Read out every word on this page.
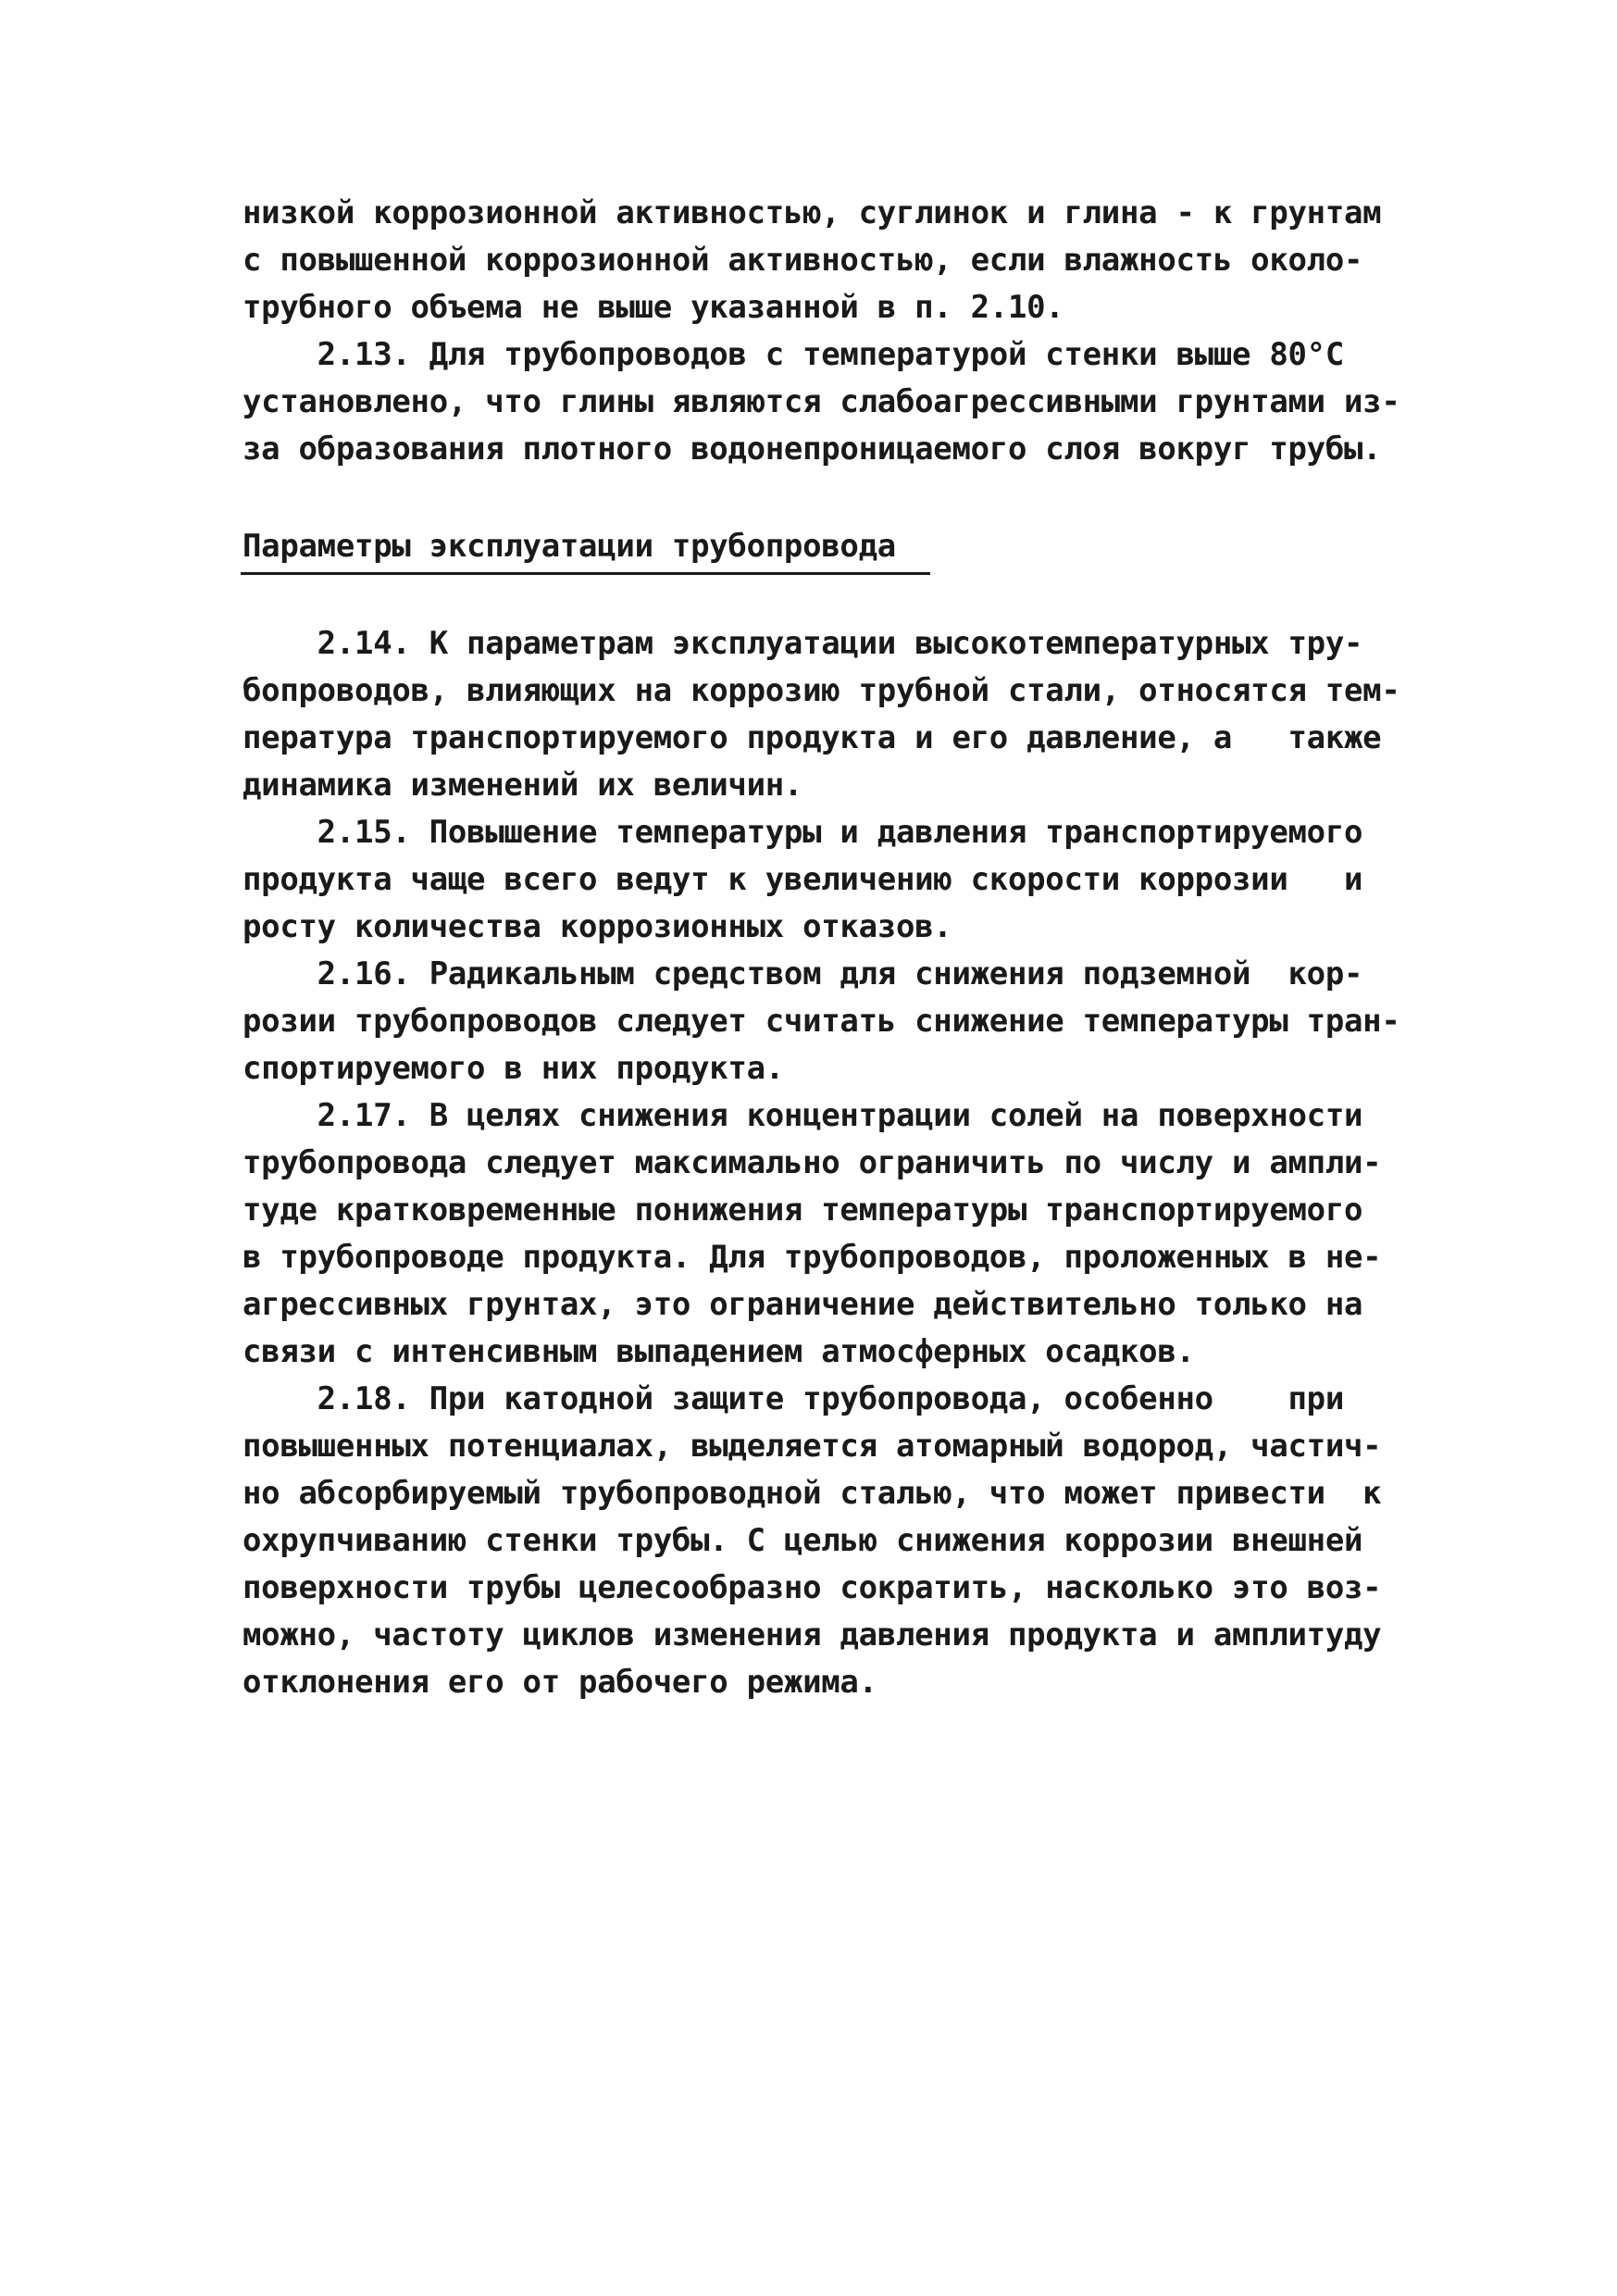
низкой коррозионной активностью, суглинок и глина - к грунтам
с повышенной коррозионной активностью, если влажность около-
трубного объема не выше указанной в п. 2.10.
2.13. Для трубопроводов с температурой стенки выше 80°С
установлено, что глины являются слабоагрессивными грунтами из-
за образования плотного водонепроницаемого слоя вокруг трубы.
Параметры эксплуатации трубопровода
2.14. К параметрам эксплуатации высокотемпературных тру-
бопроводов, влияющих на коррозию трубной стали, относятся тем-
пература транспортируемого продукта и его давление, а   также
динамика изменений их величин.
2.15. Повышение температуры и давления транспортируемого
продукта чаще всего ведут к увеличению скорости коррозии   и
росту количества коррозионных отказов.
2.16. Радикальным средством для снижения подземной  кор-
розии трубопроводов следует считать снижение температуры тран-
спортируемого в них продукта.
2.17. В целях снижения концентрации солей на поверхности
трубопровода следует максимально ограничить по числу и ампли-
туде кратковременные понижения температуры транспортируемого
в трубопроводе продукта. Для трубопроводов, проложенных в не-
агрессивных грунтах, это ограничение действительно только на
связи с интенсивным выпадением атмосферных осадков.
2.18. При катодной защите трубопровода, особенно    при
повышенных потенциалах, выделяется атомарный водород, частич-
но абсорбируемый трубопроводной сталью, что может привести  к
охрупчиванию стенки трубы. С целью снижения коррозии внешней
поверхности трубы целесообразно сократить, насколько это воз-
можно, частоту циклов изменения давления продукта и амплитуду
отклонения его от рабочего режима.
